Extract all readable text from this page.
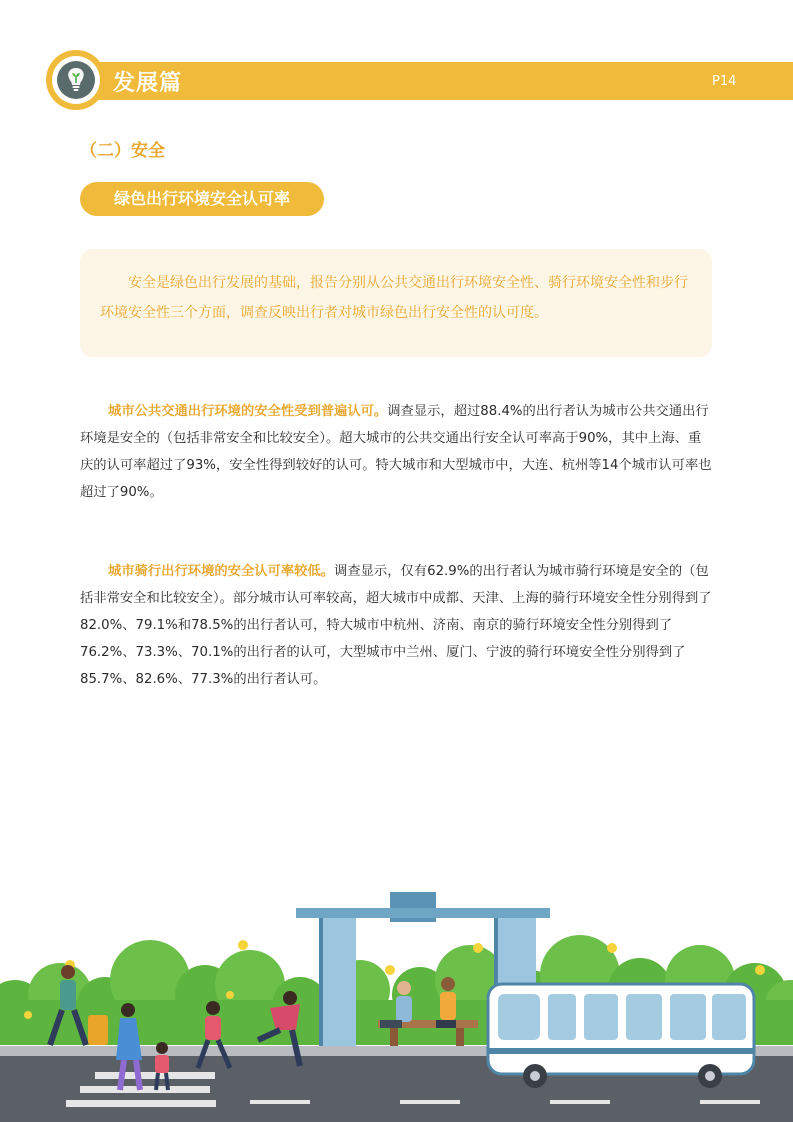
发展篇	P14
（二）安全
绿色出行环境安全认可率

安全是绿色出行发展的基础，报告分别从公共交通出行环境安全性、骑行环境安全性和步行环境安全性三个方面，调查反映出行者对城市绿色出行安全性的认可度。

城市公共交通出行环境的安全性受到普遍认可。调查显示，超过88.4%的出行者认为城市公共交通出行环境是安全的（包括非常安全和比较安全）。超大城市的公共交通出行安全认可率高于90%，其中上海、重庆的认可率超过了93%，安全性得到较好的认可。特大城市和大型城市中，大连、杭州等14个城市认可率也超过了90%。

城市骑行出行环境的安全认可率较低。调查显示，仅有62.9%的出行者认为城市骑行环境是安全的（包括非常安全和比较安全）。部分城市认可率较高，超大城市中成都、天津、上海的骑行环境安全性分别得到了82.0%、79.1%和78.5%的出行者认可，特大城市中杭州、济南、南京的骑行环境安全性分别得到了76.2%、73.3%、70.1%的出行者的认可，大型城市中兰州、厦门、宁波的骑行环境安全性分别得到了85.7%、82.6%、77.3%的出行者认可。
